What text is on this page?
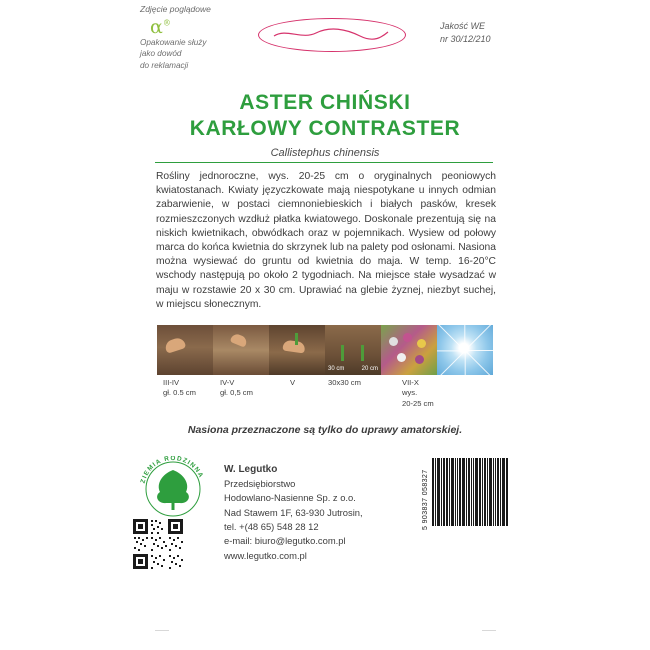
Zdjęcie poglądowe
α®
Opakowanie służy
jako dowód
do reklamacji
Jakość WE
nr 30/12/210
ASTER CHIŃSKI
KARŁOWY CONTRASTER
Callistephus chinensis
Rośliny jednoroczne, wys. 20-25 cm o oryginalnych peoniowych kwiatostanach. Kwiaty języczkowate mają niespotykane u innych odmian zabarwienie, w postaci ciemnoniebieskich i białych pasków, kresek rozmieszczonych wzdłuż płatka kwiatowego. Doskonale prezentują się na niskich kwietnikach, obwódkach oraz w pojemnikach. Wysiew od połowy marca do końca kwietnia do skrzynek lub na palety pod osłonami. Nasiona można wysiewać do gruntu od kwietnia do maja. W temp. 16-20°C wschody następują po około 2 tygodniach. Na miejsce stałe wysadzać w maju w rozstawie 20 x 30 cm. Uprawiać na glebie żyznej, niezbyt suchej, w miejscu słonecznym.
30 cm	20 cm
III-IV
gł. 0.5 cm
IV-V
gł. 0,5 cm
V	30x30 cm	VII-X
wys.
20-25 cm
Nasiona przeznaczone są tylko do uprawy amatorskiej.
ZIEMIA RODZINNA
W. Legutko
Przedsiębiorstwo
Hodowlano-Nasienne Sp. z o.o.
Nad Stawem 1F, 63-930 Jutrosin,
tel. +(48 65) 548 28 12
e-mail: biuro@legutko.com.pl
www.legutko.com.pl
5 903837 058327
